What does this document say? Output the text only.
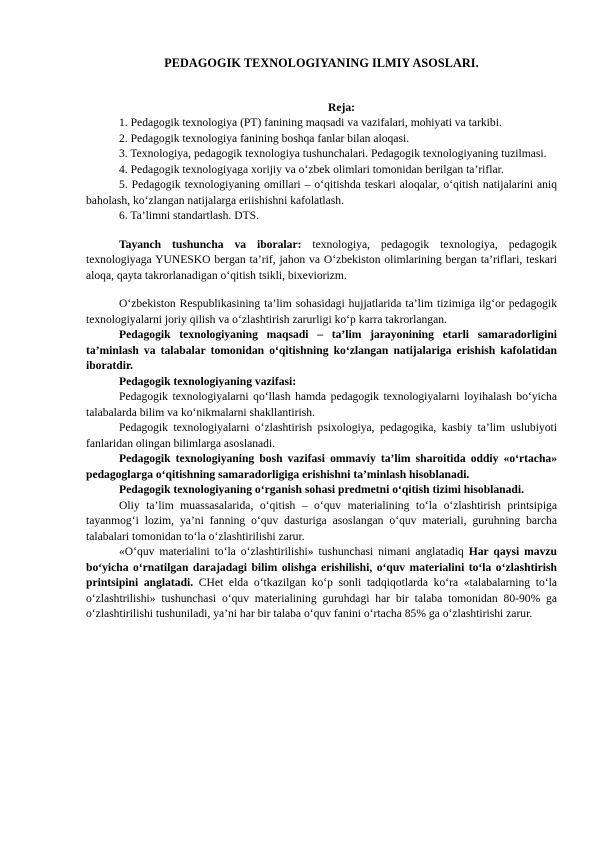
PEDAGOGIK TEXNOLOGIYANING ILMIY ASOSLARI.
Reja:

1. Pedagogik texnologiya (PT) fanining maqsadi va vazifalari, mohiyati va tarkibi.

2. Pedagogik texnologiya fanining boshqa fanlar bilan aloqasi.

3. Texnologiya, pedagogik texnologiya tushunchalari. Pedagogik texnologiyaning tuzilmasi.

4. Pedagogik texnologiyaga xorijiy va o‘zbek olimlari tomonidan berilgan ta’riflar.

5. Pedagogik texnologiyaning omillari – o‘qitishda teskari aloqalar, o‘qitish natijalarini aniq baholash, ko‘zlangan natijalarga eriishishni kafolatlash.

6. Ta’limni standartlash. DTS.

Tayanch tushuncha va iboralar: texnologiya, pedagogik texnologiya, pedagogik texnologiyaga YUNESKO bergan ta’rif, jahon va O‘zbekiston olimlarining bergan ta’riflari, teskari aloqa, qayta takrorlanadigan o‘qitish tsikli, bixeviorizm.

O‘zbekiston Respublikasining ta’lim sohasidagi hujjatlarida ta’lim tizimiga ilg‘or pedagogik texnologiyalarni joriy qilish va o‘zlashtirish zarurligi ko‘p karra takrorlangan.

Pedagogik texnologiyaning maqsadi – ta’lim jarayonining etarli samaradorligini ta’minlash va talabalar tomonidan o‘qitishning ko‘zlangan natijalariga erishish kafolatidan iboratdir.

Pedagogik texnologiyaning vazifasi:

Pedagogik texnologiyalarni qo‘llash hamda pedagogik texnologiyalarni loyihalash bo‘yicha talabalarda bilim va ko‘nikmalarni shakllantirish.

Pedagogik texnologiyalarni o‘zlashtirish psixologiya, pedagogika, kasbiy ta’lim uslubiyoti fanlaridan olingan bilimlarga asoslanadi.

Pedagogik texnologiyaning bosh vazifasi ommaviy ta’lim sharoitida oddiy «o‘rtacha» pedagoglarga o‘qitishning samaradorligiga erishishni ta’minlash hisoblanadi.

Pedagogik texnologiyaning o‘rganish sohasi predmetni o‘qitish tizimi hisoblanadi.

Oliy ta’lim muassasalarida, o‘qitish – o‘quv materialining to‘la o‘zlashtirish printsipiga tayanmog‘i lozim, ya’ni fanning o‘quv dasturiga asoslangan o‘quv materiali, guruhning barcha talabalari tomonidan to‘la o‘zlashtirilishi zarur.

«O‘quv materialini to‘la o‘zlashtirilishi» tushunchasi nimani anglatadiq Har qaysi mavzu bo‘yicha o‘rnatilgan darajadagi bilim olishga erishilishi, o‘quv materialini to‘la o‘zlashtirish printsipini anglatadi. CHet elda o‘tkazilgan ko‘p sonli tadqiqotlarda ko‘ra «talabalarning to‘la o‘zlashtrilishi» tushunchasi o‘quv materialining guruhdagi har bir talaba tomonidan 80-90% ga o‘zlashtirilishi tushuniladi, ya’ni har bir talaba o‘quv fanini o‘rtacha 85% ga o‘zlashtirishi zarur.
